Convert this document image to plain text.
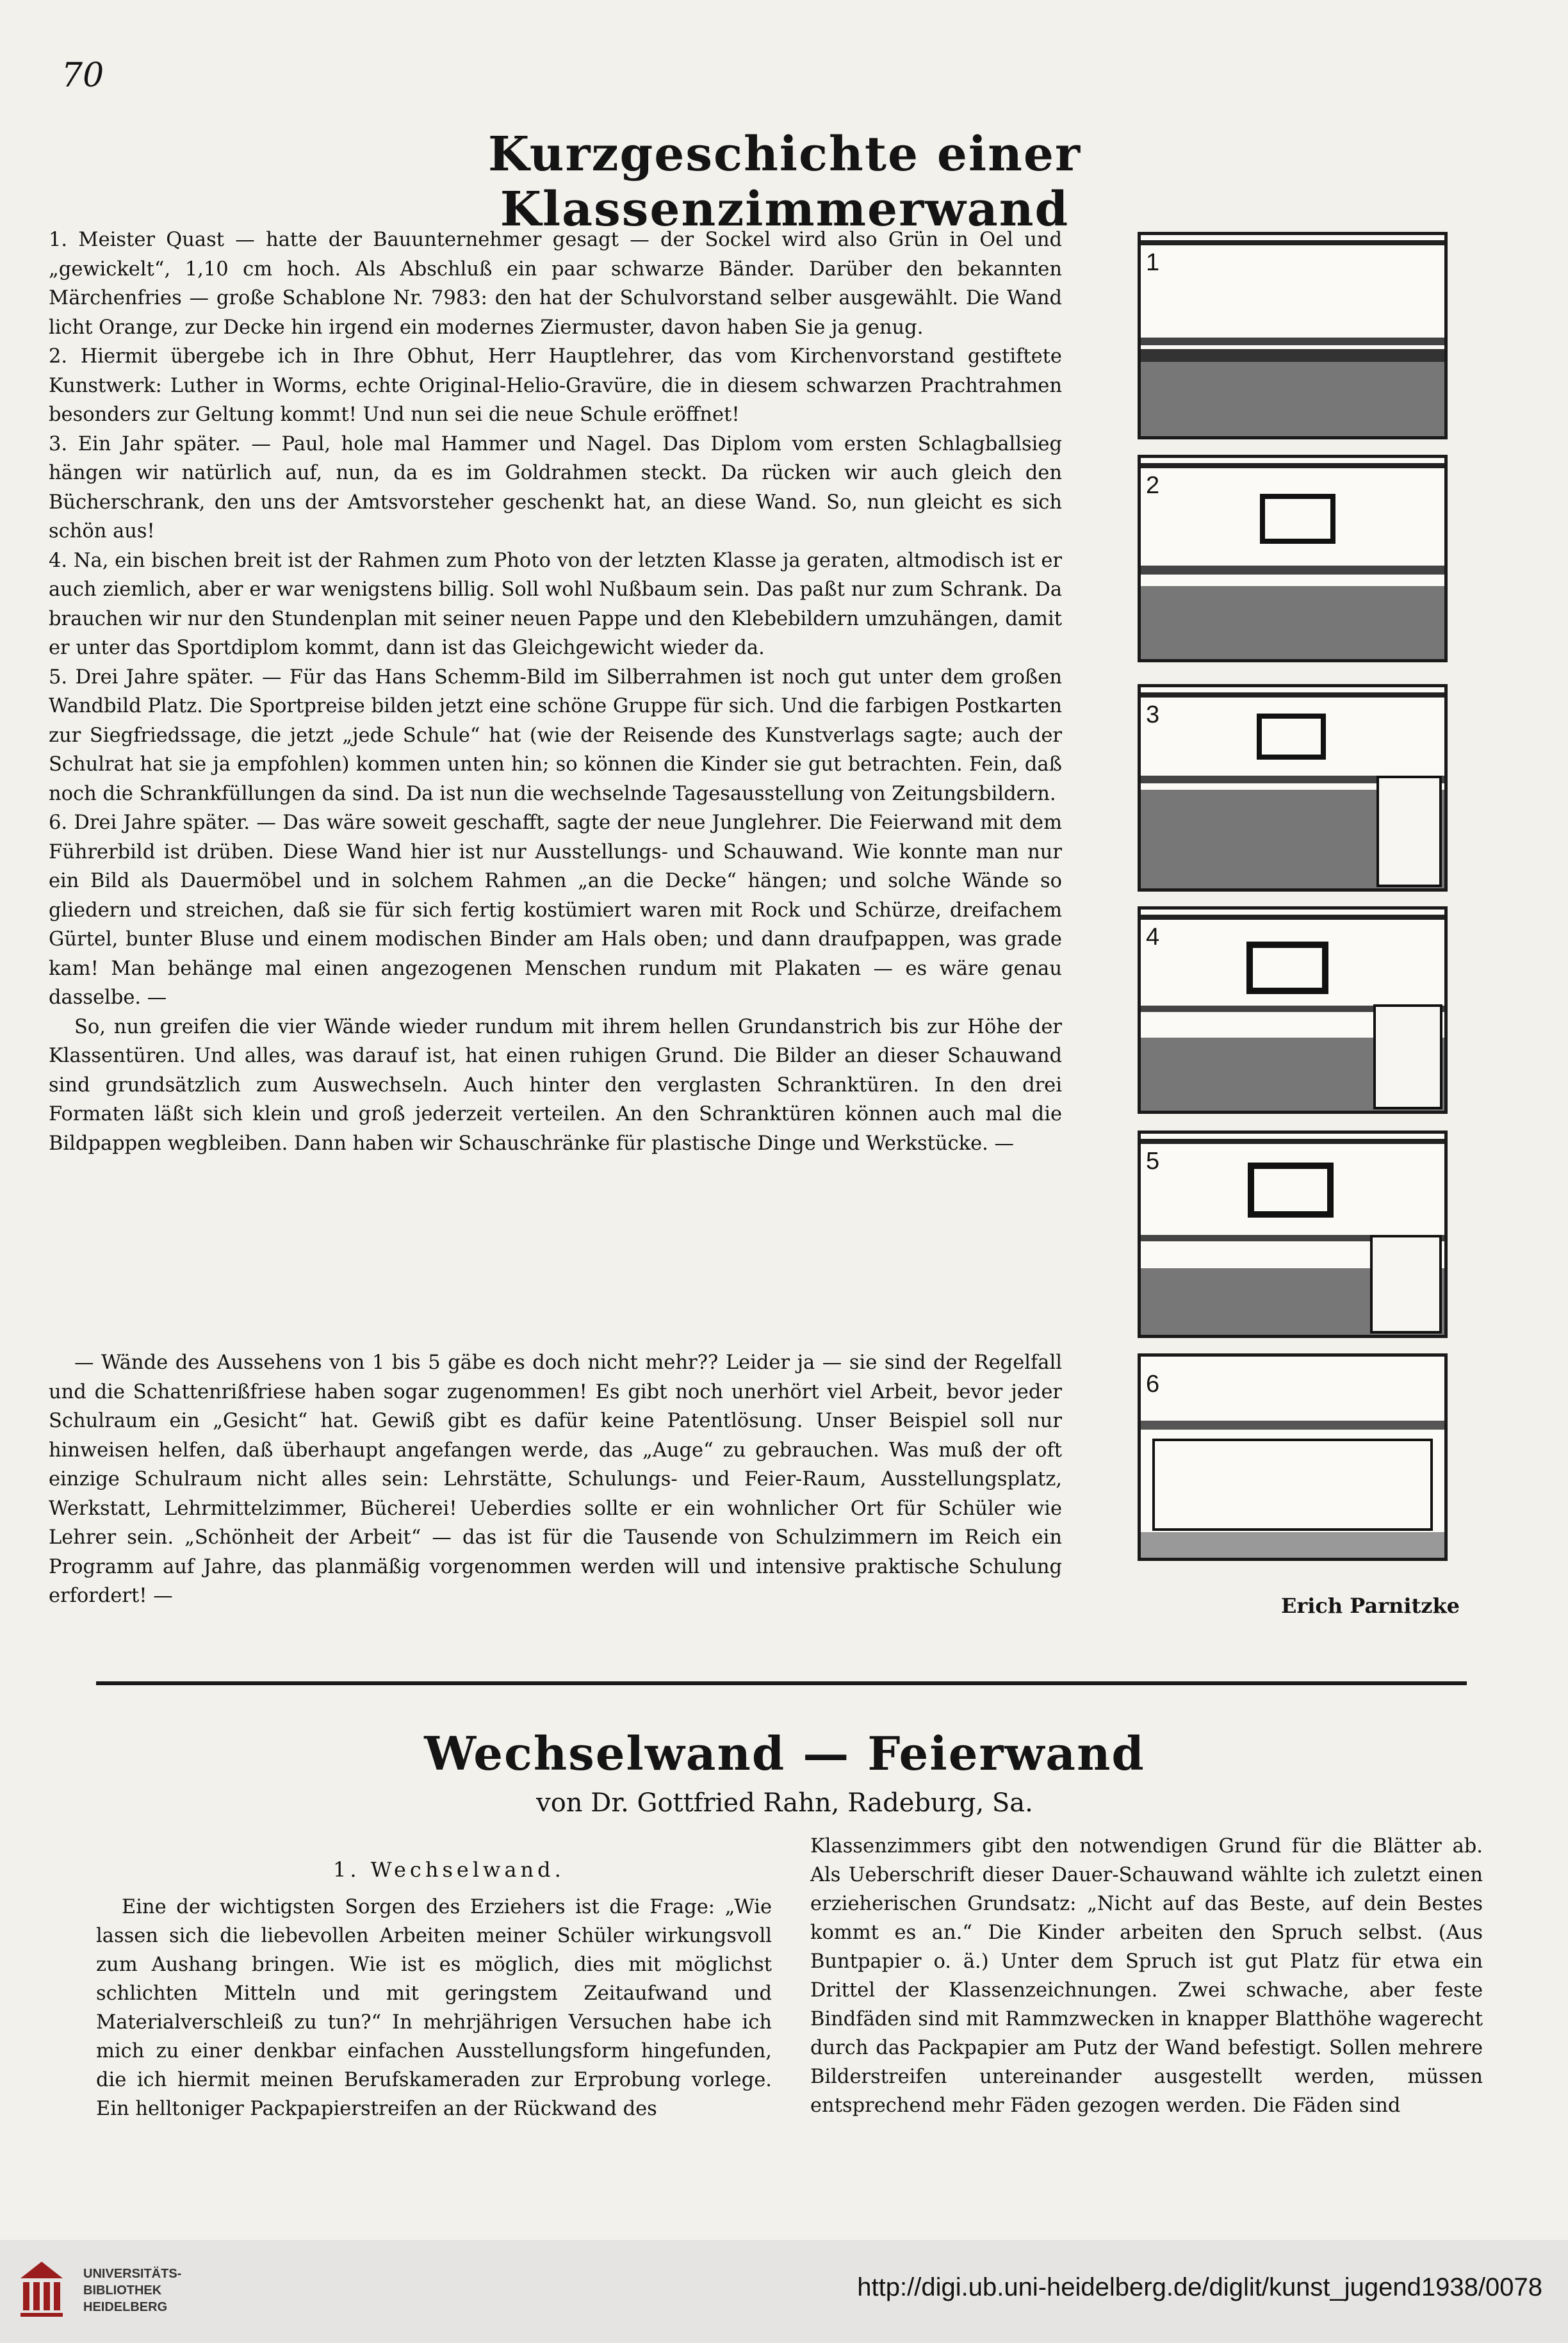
70
Kurzgeschichte einer Klassenzimmerwand

1. Meister Quast — hatte der Bauunternehmer gesagt — der Sockel wird also Grün in Oel und „gewickelt“, 1,10 cm hoch. Als Abschluß ein paar schwarze Bänder. Darüber den bekannten Märchenfries — große Schablone Nr. 7983: den hat der Schulvorstand selber ausgewählt. Die Wand licht Orange, zur Decke hin irgend ein modernes Ziermuster, davon haben Sie ja genug.

2. Hiermit übergebe ich in Ihre Obhut, Herr Hauptlehrer, das vom Kirchenvorstand gestiftete Kunstwerk: Luther in Worms, echte Original-Helio-Gravüre, die in diesem schwarzen Prachtrahmen besonders zur Geltung kommt! Und nun sei die neue Schule eröffnet!

3. Ein Jahr später. — Paul, hole mal Hammer und Nagel. Das Diplom vom ersten Schlagballsieg hängen wir natürlich auf, nun, da es im Goldrahmen steckt. Da rücken wir auch gleich den Bücherschrank, den uns der Amtsvorsteher geschenkt hat, an diese Wand. So, nun gleicht es sich schön aus!

4. Na, ein bischen breit ist der Rahmen zum Photo von der letzten Klasse ja geraten, altmodisch ist er auch ziemlich, aber er war wenigstens billig. Soll wohl Nußbaum sein. Das paßt nur zum Schrank. Da brauchen wir nur den Stundenplan mit seiner neuen Pappe und den Klebebildern umzuhängen, damit er unter das Sportdiplom kommt, dann ist das Gleichgewicht wieder da.

5. Drei Jahre später. — Für das Hans Schemm-Bild im Silberrahmen ist noch gut unter dem großen Wandbild Platz. Die Sportpreise bilden jetzt eine schöne Gruppe für sich. Und die farbigen Postkarten zur Siegfriedssage, die jetzt „jede Schule“ hat (wie der Reisende des Kunstverlags sagte; auch der Schulrat hat sie ja empfohlen) kommen unten hin; so können die Kinder sie gut betrachten. Fein, daß noch die Schrankfüllungen da sind. Da ist nun die wechselnde Tagesausstellung von Zeitungsbildern.

6. Drei Jahre später. — Das wäre soweit geschafft, sagte der neue Junglehrer. Die Feierwand mit dem Führerbild ist drüben. Diese Wand hier ist nur Ausstellungs- und Schauwand. Wie konnte man nur ein Bild als Dauermöbel und in solchem Rahmen „an die Decke“ hängen; und solche Wände so gliedern und streichen, daß sie für sich fertig kostümiert waren mit Rock und Schürze, dreifachem Gürtel, bunter Bluse und einem modischen Binder am Hals oben; und dann draufpappen, was grade kam! Man behänge mal einen angezogenen Menschen rundum mit Plakaten — es wäre genau dasselbe. —

So, nun greifen die vier Wände wieder rundum mit ihrem hellen Grundanstrich bis zur Höhe der Klassentüren. Und alles, was darauf ist, hat einen ruhigen Grund. Die Bilder an dieser Schauwand sind grundsätzlich zum Auswechseln. Auch hinter den verglasten Schranktüren. In den drei Formaten läßt sich klein und groß jederzeit verteilen. An den Schranktüren können auch mal die Bildpappen wegbleiben. Dann haben wir Schauschränke für plastische Dinge und Werkstücke. —

— Wände des Aussehens von 1 bis 5 gäbe es doch nicht mehr?? Leider ja — sie sind der Regelfall und die Schattenrißfriese haben sogar zugenommen! Es gibt noch unerhört viel Arbeit, bevor jeder Schulraum ein „Gesicht“ hat. Gewiß gibt es dafür keine Patentlösung. Unser Beispiel soll nur hinweisen helfen, daß überhaupt angefangen werde, das „Auge“ zu gebrauchen. Was muß der oft einzige Schulraum nicht alles sein: Lehrstätte, Schulungs- und Feier-Raum, Ausstellungsplatz, Werkstatt, Lehrmittelzimmer, Bücherei! Ueberdies sollte er ein wohnlicher Ort für Schüler wie Lehrer sein. „Schönheit der Arbeit“ — das ist für die Tausende von Schulzimmern im Reich ein Programm auf Jahre, das planmäßig vorgenommen werden will und intensive praktische Schulung erfordert! —

1
2
3
4
5
6
Erich Parnitzke
Wechselwand — Feierwand
von Dr. Gottfried Rahn, Radeburg, Sa.
1. Wechselwand.

Eine der wichtigsten Sorgen des Erziehers ist die Frage: „Wie lassen sich die liebevollen Arbeiten meiner Schüler wirkungsvoll zum Aushang bringen. Wie ist es möglich, dies mit möglichst schlichten Mitteln und mit geringstem Zeitaufwand und Materialverschleiß zu tun?“ In mehrjährigen Versuchen habe ich mich zu einer denkbar einfachen Ausstellungsform hingefunden, die ich hiermit meinen Berufskameraden zur Erprobung vorlege. Ein helltoniger Packpapierstreifen an der Rückwand des

Klassenzimmers gibt den notwendigen Grund für die Blätter ab. Als Ueberschrift dieser Dauer-Schauwand wählte ich zuletzt einen erzieherischen Grundsatz: „Nicht auf das Beste, auf dein Bestes kommt es an.“ Die Kinder arbeiten den Spruch selbst. (Aus Buntpapier o. ä.) Unter dem Spruch ist gut Platz für etwa ein Drittel der Klassenzeichnungen. Zwei schwache, aber feste Bindfäden sind mit Rammzwecken in knapper Blatthöhe wagerecht durch das Packpapier am Putz der Wand befestigt. Sollen mehrere Bilderstreifen untereinander ausgestellt werden, müssen entsprechend mehr Fäden gezogen werden. Die Fäden sind

UNIVERSITÄTS-
BIBLIOTHEK
HEIDELBERG
http://digi.ub.uni-heidelberg.de/diglit/kunst_jugend1938/0078
